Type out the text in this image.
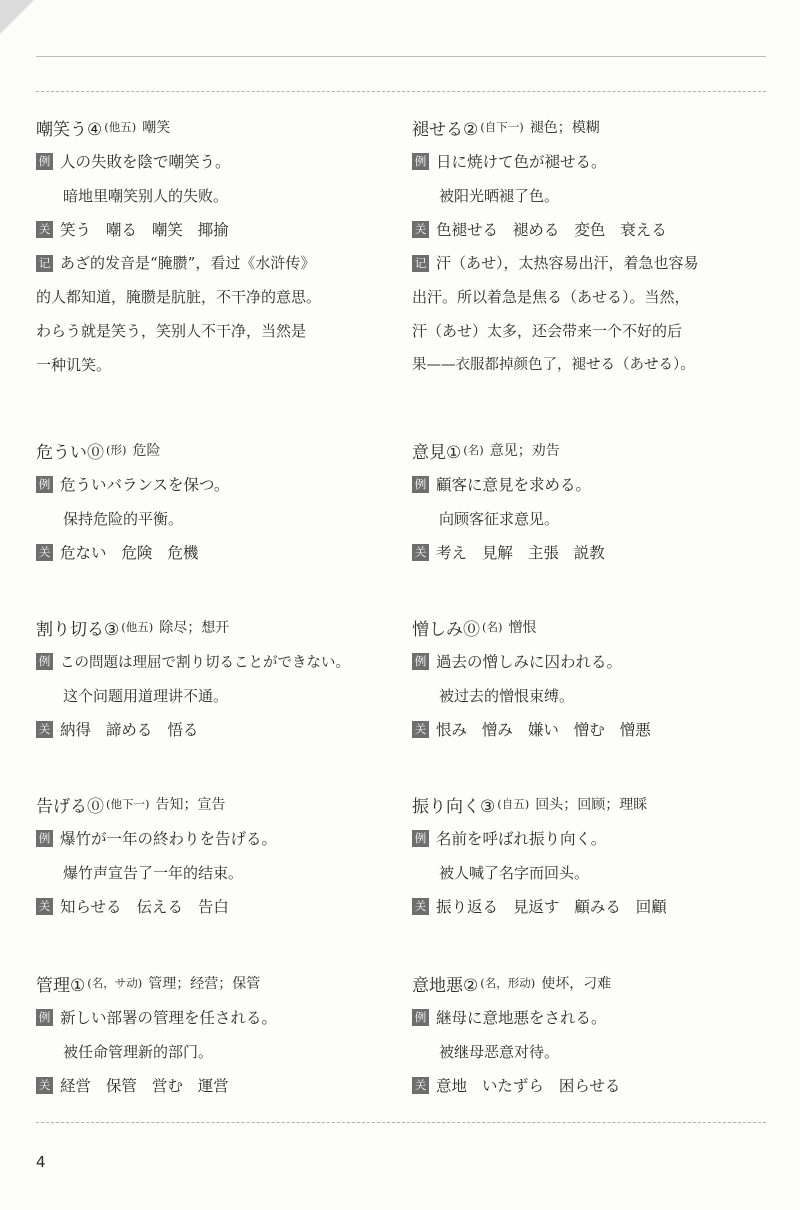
嘲笑う④ (他五) 嘲笑
例 人の失敗を陰で嘲笑う。
暗地里嘲笑别人的失败。
关 笑う 嘲る 嘲笑 揶揄
记 あざ的发音是“腌臜”，看过《水浒传》
的人都知道，腌臜是肮脏，不干净的意思。
わらう就是笑う，笑别人不干净，当然是
一种讥笑。
褪せる② (自下一) 褪色；模糊
例 日に焼けて色が褪せる。
被阳光晒褪了色。
关 色褪せる 褪める 変色 衰える
记 汗（あせ），太热容易出汗，着急也容易
出汗。所以着急是焦る（あせる）。当然，
汗（あせ）太多，还会带来一个不好的后
果——衣服都掉颜色了，褪せる（あせる）。
危うい⓪ (形) 危险
例 危ういバランスを保つ。
保持危险的平衡。
关 危ない 危険 危機
意見① (名) 意见；劝告
例 顧客に意見を求める。
向顾客征求意见。
关 考え 見解 主張 説教
割り切る③ (他五) 除尽；想开
例 この問題は理屈で割り切ることができない。
这个问题用道理讲不通。
关 納得 諦める 悟る
憎しみ⓪ (名) 憎恨
例 過去の憎しみに囚われる。
被过去的憎恨束缚。
关 恨み 憎み 嫌い 憎む 憎悪
告げる⓪ (他下一) 告知；宣告
例 爆竹が一年の終わりを告げる。
爆竹声宣告了一年的结束。
关 知らせる 伝える 告白
振り向く③ (自五) 回头；回顾；理睬
例 名前を呼ばれ振り向く。
被人喊了名字而回头。
关 振り返る 見返す 顧みる 回顧
管理① (名，サ动) 管理；经营；保管
例 新しい部署の管理を任される。
被任命管理新的部门。
关 経営 保管 営む 運営
意地悪② (名，形动) 使坏，刁难
例 継母に意地悪をされる。
被继母恶意对待。
关 意地 いたずら 困らせる
4
